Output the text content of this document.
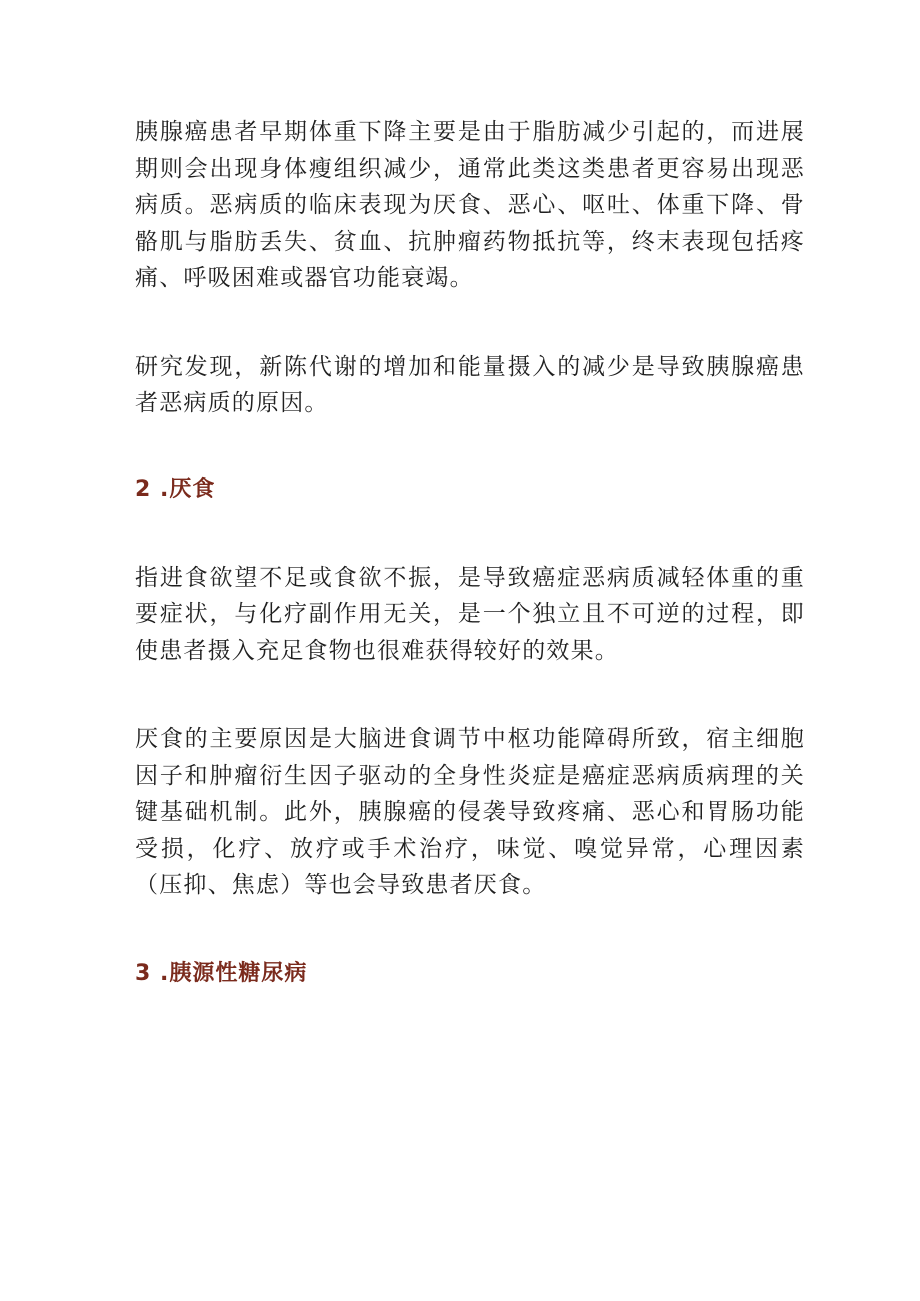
胰腺癌患者早期体重下降主要是由于脂肪减少引起的，而进展期则会出现身体瘦组织减少，通常此类这类患者更容易出现恶病质。恶病质的临床表现为厌食、恶心、呕吐、体重下降、骨骼肌与脂肪丢失、贫血、抗肿瘤药物抵抗等，终末表现包括疼痛、呼吸困难或器官功能衰竭。

研究发现，新陈代谢的增加和能量摄入的减少是导致胰腺癌患者恶病质的原因。

2 .厌食

指进食欲望不足或食欲不振，是导致癌症恶病质减轻体重的重要症状，与化疗副作用无关，是一个独立且不可逆的过程，即使患者摄入充足食物也很难获得较好的效果。

厌食的主要原因是大脑进食调节中枢功能障碍所致，宿主细胞因子和肿瘤衍生因子驱动的全身性炎症是癌症恶病质病理的关键基础机制。此外，胰腺癌的侵袭导致疼痛、恶心和胃肠功能受损，化疗、放疗或手术治疗，味觉、嗅觉异常，心理因素（压抑、焦虑）等也会导致患者厌食。

3 .胰源性糖尿病
